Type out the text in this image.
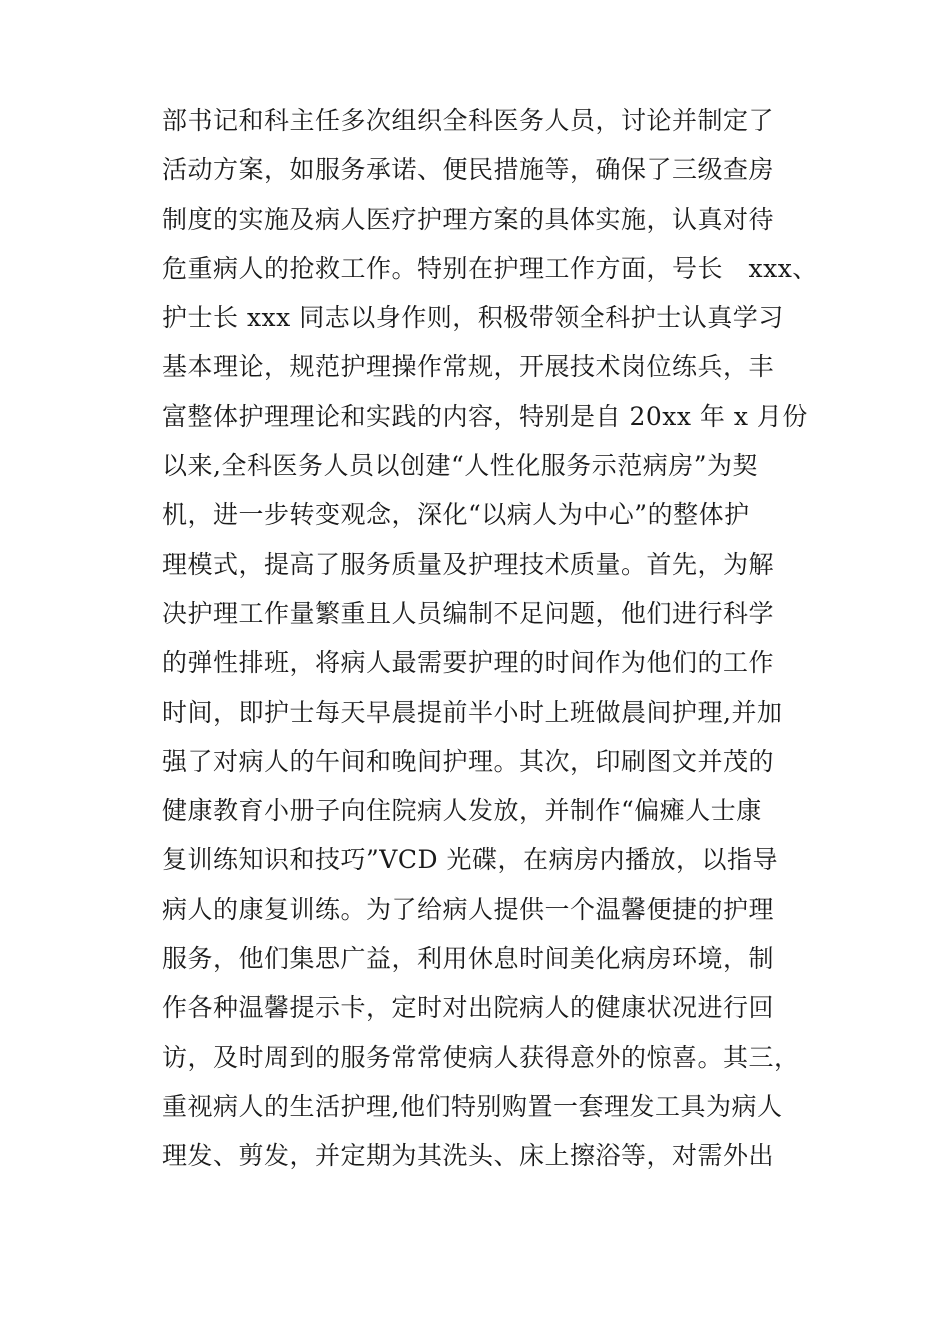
部书记和科主任多次组织全科医务人员，讨论并制定了
活动方案，如服务承诺、便民措施等，确保了三级查房
制度的实施及病人医疗护理方案的具体实施，认真对待
危重病人的抢救工作。特别在护理工作方面，号长　xxx、
护士长 xxx 同志以身作则，积极带领全科护士认真学习
基本理论，规范护理操作常规，开展技术岗位练兵，丰
富整体护理理论和实践的内容，特别是自 20xx 年 x 月份
以来,全科医务人员以创建“人性化服务示范病房”为契
机，进一步转变观念，深化“以病人为中心”的整体护
理模式，提高了服务质量及护理技术质量。首先，为解
决护理工作量繁重且人员编制不足问题，他们进行科学
的弹性排班，将病人最需要护理的时间作为他们的工作
时间，即护士每天早晨提前半小时上班做晨间护理,并加
强了对病人的午间和晚间护理。其次，印刷图文并茂的
健康教育小册子向住院病人发放，并制作“偏瘫人士康
复训练知识和技巧”VCD 光碟，在病房内播放，以指导
病人的康复训练。为了给病人提供一个温馨便捷的护理
服务，他们集思广益，利用休息时间美化病房环境，制
作各种温馨提示卡，定时对出院病人的健康状况进行回
访，及时周到的服务常常使病人获得意外的惊喜。其三，
重视病人的生活护理,他们特别购置一套理发工具为病人
理发、剪发，并定期为其洗头、床上擦浴等，对需外出
